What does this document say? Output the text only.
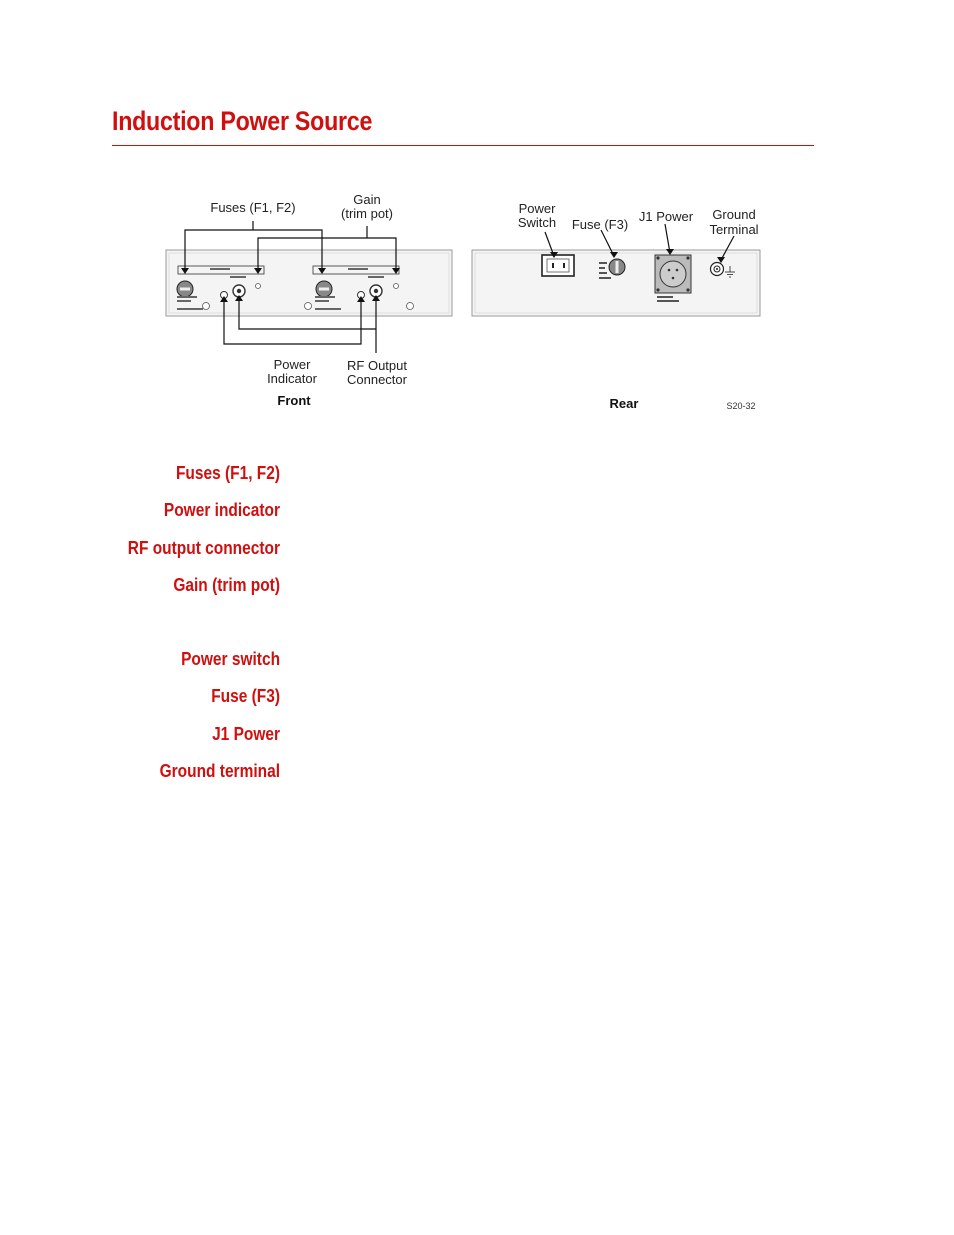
Induction Power Source
Fuses (F1, F2)
Gain
(trim pot)
Power
Indicator
RF Output
Connector
Front
Power
Switch Fuse (F3)
J1 Power Ground
Terminal
Rear	S20-32

Fuses (F1, F2)

Power indicator

RF output connector

Gain (trim pot)

Power switch

Fuse (F3)

J1 Power

Ground terminal
